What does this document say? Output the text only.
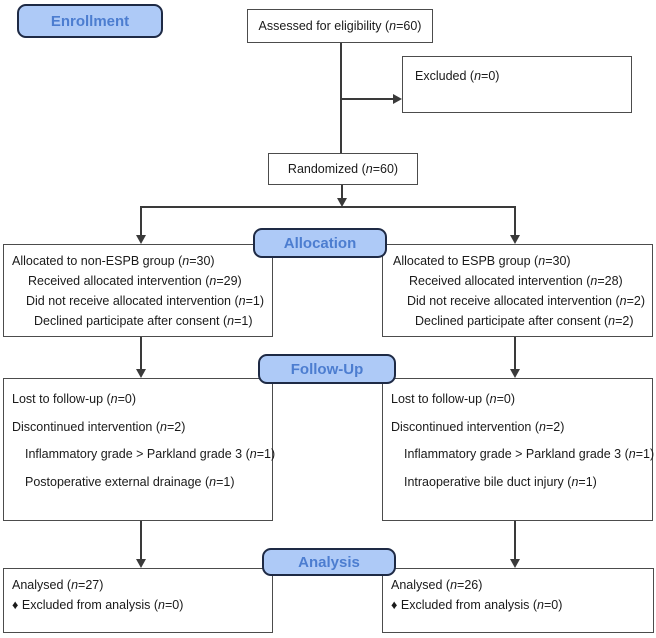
Enrollment
Allocation
Follow-Up
Analysis
Assessed for eligibility (n=60)
Excluded (n=0)
Randomized (n=60)
Allocated to non-ESPB group (n=30)
Received allocated intervention (n=29)
Did not receive allocated intervention (n=1)
Declined participate after consent (n=1)
Allocated to ESPB group (n=30)
Received allocated intervention (n=28)
Did not receive allocated intervention (n=2)
Declined participate after consent (n=2)
Lost to follow-up (n=0)
Discontinued intervention (n=2)
Inflammatory grade > Parkland grade 3 (n=1)
Postoperative external drainage (n=1)
Lost to follow-up (n=0)
Discontinued intervention (n=2)
Inflammatory grade > Parkland grade 3 (n=1)
Intraoperative bile duct injury (n=1)
Analysed (n=27)
♦ Excluded from analysis (n=0)
Analysed (n=26)
♦ Excluded from analysis (n=0)
